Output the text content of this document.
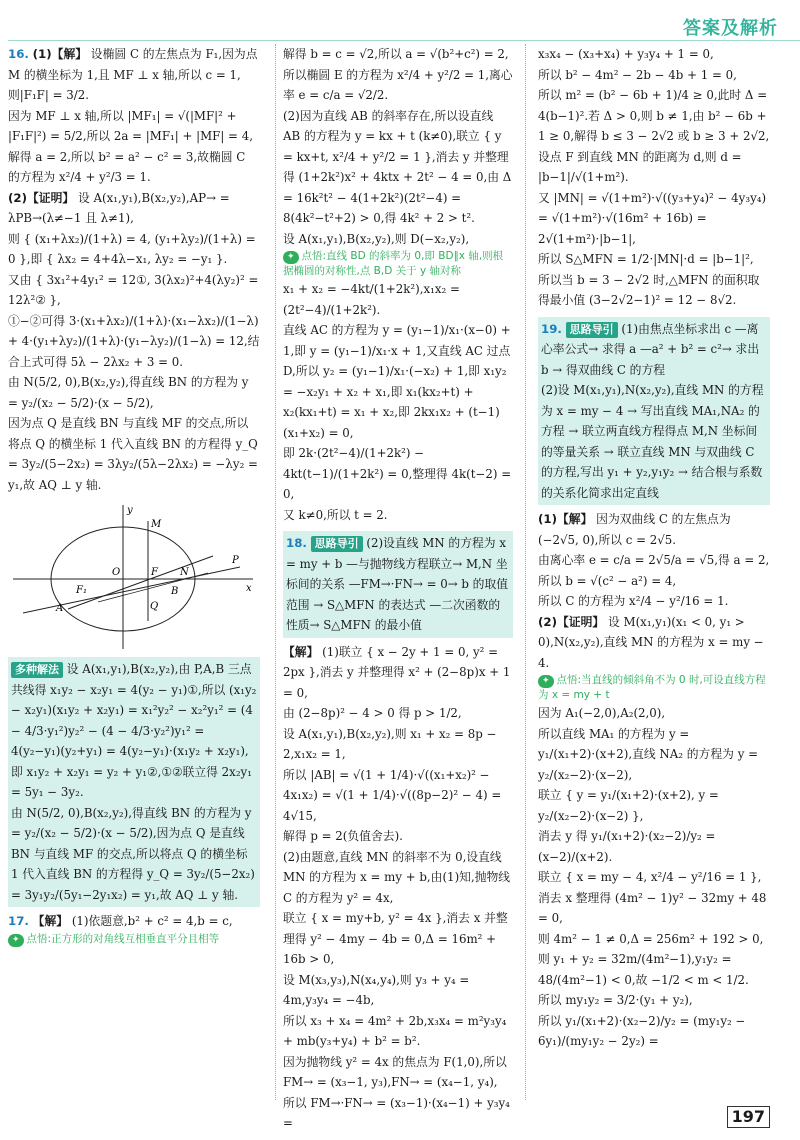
答案及解析

16. (1)【解】 设椭圆 C 的左焦点为 F₁,因为点 M 的横坐标为 1,且 MF ⊥ x 轴,所以 c = 1,则|F₁F| = 3/2.

因为 MF ⊥ x 轴,所以 |MF₁| = √(|MF|² + |F₁F|²) = 5/2,所以 2a = |MF₁| + |MF| = 4,解得 a = 2,所以 b² = a² − c² = 3,故椭圆 C 的方程为 x²/4 + y²/3 = 1.

(2)【证明】 设 A(x₁,y₁),B(x₂,y₂),AP→ = λPB→(λ≠−1 且 λ≠1),

则 { (x₁+λx₂)/(1+λ) = 4, (y₁+λy₂)/(1+λ) = 0 },即 { λx₂ = 4+4λ−x₁, λy₂ = −y₁ }.

又由 { 3x₁²+4y₁² = 12①, 3(λx₂)²+4(λy₂)² = 12λ²② },

①−②可得 3·(x₁+λx₂)/(1+λ)·(x₁−λx₂)/(1−λ) + 4·(y₁+λy₂)/(1+λ)·(y₁−λy₂)/(1−λ) = 12,结合上式可得 5λ − 2λx₂ + 3 = 0.

由 N(5/2, 0),B(x₂,y₂),得直线 BN 的方程为 y = y₂/(x₂ − 5/2)·(x − 5/2),

因为点 Q 是直线 BN 与直线 MF 的交点,所以将点 Q 的横坐标 1 代入直线 BN 的方程得 y_Q = 3y₂/(5−2x₂) = 3λy₂/(5λ−2λx₂) = −λy₂ = y₁,故 AQ ⊥ y 轴.

y
x
O
F₁
F N
P
M
Q
A
B
多种解法 设 A(x₁,y₁),B(x₂,y₂),由 P,A,B 三点共线得 x₁y₂ − x₂y₁ = 4(y₂ − y₁)①,所以 (x₁y₂ − x₂y₁)(x₁y₂ + x₂y₁) = x₁²y₂² − x₂²y₁² = (4 − 4/3·y₁²)y₂² − (4 − 4/3·y₂²)y₁² = 4(y₂−y₁)(y₂+y₁) = 4(y₂−y₁)·(x₁y₂ + x₂y₁),即 x₁y₂ + x₂y₁ = y₂ + y₁②,①②联立得 2x₂y₁ = 5y₁ − 3y₂.

由 N(5/2, 0),B(x₂,y₂),得直线 BN 的方程为 y = y₂/(x₂ − 5/2)·(x − 5/2),因为点 Q 是直线 BN 与直线 MF 的交点,所以将点 Q 的横坐标 1 代入直线 BN 的方程得 y_Q = 3y₂/(5−2x₂) = 3y₁y₂/(5y₁−2y₁x₂) = y₁,故 AQ ⊥ y 轴.

17. 【解】 (1)依题意,b² + c² = 4,b = c,

✦ 点悟:正方形的对角线互相垂直平分且相等

解得 b = c = √2,所以 a = √(b²+c²) = 2,

所以椭圆 E 的方程为 x²/4 + y²/2 = 1,离心率 e = c/a = √2/2.

(2)因为直线 AB 的斜率存在,所以设直线 AB 的方程为 y = kx + t (k≠0),联立 { y = kx+t, x²/4 + y²/2 = 1 },消去 y 并整理得 (1+2k²)x² + 4ktx + 2t² − 4 = 0,由 Δ = 16k²t² − 4(1+2k²)(2t²−4) = 8(4k²−t²+2) > 0,得 4k² + 2 > t².

设 A(x₁,y₁),B(x₂,y₂),则 D(−x₂,y₂),

✦ 点悟:直线 BD 的斜率为 0,即 BD∥x 轴,则根据椭圆的对称性,点 B,D 关于 y 轴对称

x₁ + x₂ = −4kt/(1+2k²),x₁x₂ = (2t²−4)/(1+2k²).

直线 AC 的方程为 y = (y₁−1)/x₁·(x−0) + 1,即 y = (y₁−1)/x₁·x + 1,又直线 AC 过点 D,所以 y₂ = (y₁−1)/x₁·(−x₂) + 1,即 x₁y₂ = −x₂y₁ + x₂ + x₁,即 x₁(kx₂+t) + x₂(kx₁+t) = x₁ + x₂,即 2kx₁x₂ + (t−1)(x₁+x₂) = 0,

即 2k·(2t²−4)/(1+2k²) − 4kt(t−1)/(1+2k²) = 0,整理得 4k(t−2) = 0,

又 k≠0,所以 t = 2.

18. 思路导引 (2)设直线 MN 的方程为 x = my + b —与抛物线方程联立→ M,N 坐标间的关系 —FM→·FN→ = 0→ b 的取值范围 → S△MFN 的表达式 —二次函数的性质→ S△MFN 的最小值

【解】 (1)联立 { x − 2y + 1 = 0, y² = 2px },消去 y 并整理得 x² + (2−8p)x + 1 = 0,

由 (2−8p)² − 4 > 0 得 p > 1/2,

设 A(x₁,y₁),B(x₂,y₂),则 x₁ + x₂ = 8p − 2,x₁x₂ = 1,

所以 |AB| = √(1 + 1/4)·√((x₁+x₂)² − 4x₁x₂) = √(1 + 1/4)·√((8p−2)² − 4) = 4√15,

解得 p = 2(负值舍去).

(2)由题意,直线 MN 的斜率不为 0,设直线 MN 的方程为 x = my + b,由(1)知,抛物线 C 的方程为 y² = 4x,

联立 { x = my+b, y² = 4x },消去 x 并整理得 y² − 4my − 4b = 0,Δ = 16m² + 16b > 0,

设 M(x₃,y₃),N(x₄,y₄),则 y₃ + y₄ = 4m,y₃y₄ = −4b,

所以 x₃ + x₄ = 4m² + 2b,x₃x₄ = m²y₃y₄ + mb(y₃+y₄) + b² = b².

因为抛物线 y² = 4x 的焦点为 F(1,0),所以 FM→ = (x₃−1, y₃),FN→ = (x₄−1, y₄),

所以 FM→·FN→ = (x₃−1)·(x₄−1) + y₃y₄ =

x₃x₄ − (x₃+x₄) + y₃y₄ + 1 = 0,

所以 b² − 4m² − 2b − 4b + 1 = 0,

所以 m² = (b² − 6b + 1)/4 ≥ 0,此时 Δ = 4(b−1)².若 Δ > 0,则 b ≠ 1,由 b² − 6b + 1 ≥ 0,解得 b ≤ 3 − 2√2 或 b ≥ 3 + 2√2,

设点 F 到直线 MN 的距离为 d,则 d = |b−1|/√(1+m²).

又 |MN| = √(1+m²)·√((y₃+y₄)² − 4y₃y₄) = √(1+m²)·√(16m² + 16b) = 2√(1+m²)·|b−1|,

所以 S△MFN = 1/2·|MN|·d = |b−1|²,

所以当 b = 3 − 2√2 时,△MFN 的面积取得最小值 (3−2√2−1)² = 12 − 8√2.

19. 思路导引 (1)由焦点坐标求出 c —离心率公式→ 求得 a —a² + b² = c²→ 求出 b → 得双曲线 C 的方程

(2)设 M(x₁,y₁),N(x₂,y₂),直线 MN 的方程为 x = my − 4 → 写出直线 MA₁,NA₂ 的方程 → 联立两直线方程得点 M,N 坐标间的等量关系 → 联立直线 MN 与双曲线 C 的方程,写出 y₁ + y₂,y₁y₂ → 结合根与系数的关系化简求出定直线

(1)【解】 因为双曲线 C 的左焦点为 (−2√5, 0),所以 c = 2√5.

由离心率 e = c/a = 2√5/a = √5,得 a = 2,

所以 b = √(c² − a²) = 4,

所以 C 的方程为 x²/4 − y²/16 = 1.

(2)【证明】 设 M(x₁,y₁)(x₁ < 0, y₁ > 0),N(x₂,y₂),直线 MN 的方程为 x = my − 4.

✦ 点悟:当直线的倾斜角不为 0 时,可设直线方程为 x = my + t

因为 A₁(−2,0),A₂(2,0),

所以直线 MA₁ 的方程为 y = y₁/(x₁+2)·(x+2),直线 NA₂ 的方程为 y = y₂/(x₂−2)·(x−2),

联立 { y = y₁/(x₁+2)·(x+2), y = y₂/(x₂−2)·(x−2) },

消去 y 得 y₁/(x₁+2)·(x₂−2)/y₂ = (x−2)/(x+2).

联立 { x = my − 4, x²/4 − y²/16 = 1 },消去 x 整理得 (4m² − 1)y² − 32my + 48 = 0,

则 4m² − 1 ≠ 0,Δ = 256m² + 192 > 0,

则 y₁ + y₂ = 32m/(4m²−1),y₁y₂ = 48/(4m²−1) < 0,故 −1/2 < m < 1/2.

所以 my₁y₂ = 3/2·(y₁ + y₂),

所以 y₁/(x₁+2)·(x₂−2)/y₂ = (my₁y₂ − 6y₁)/(my₁y₂ − 2y₂) =

197
